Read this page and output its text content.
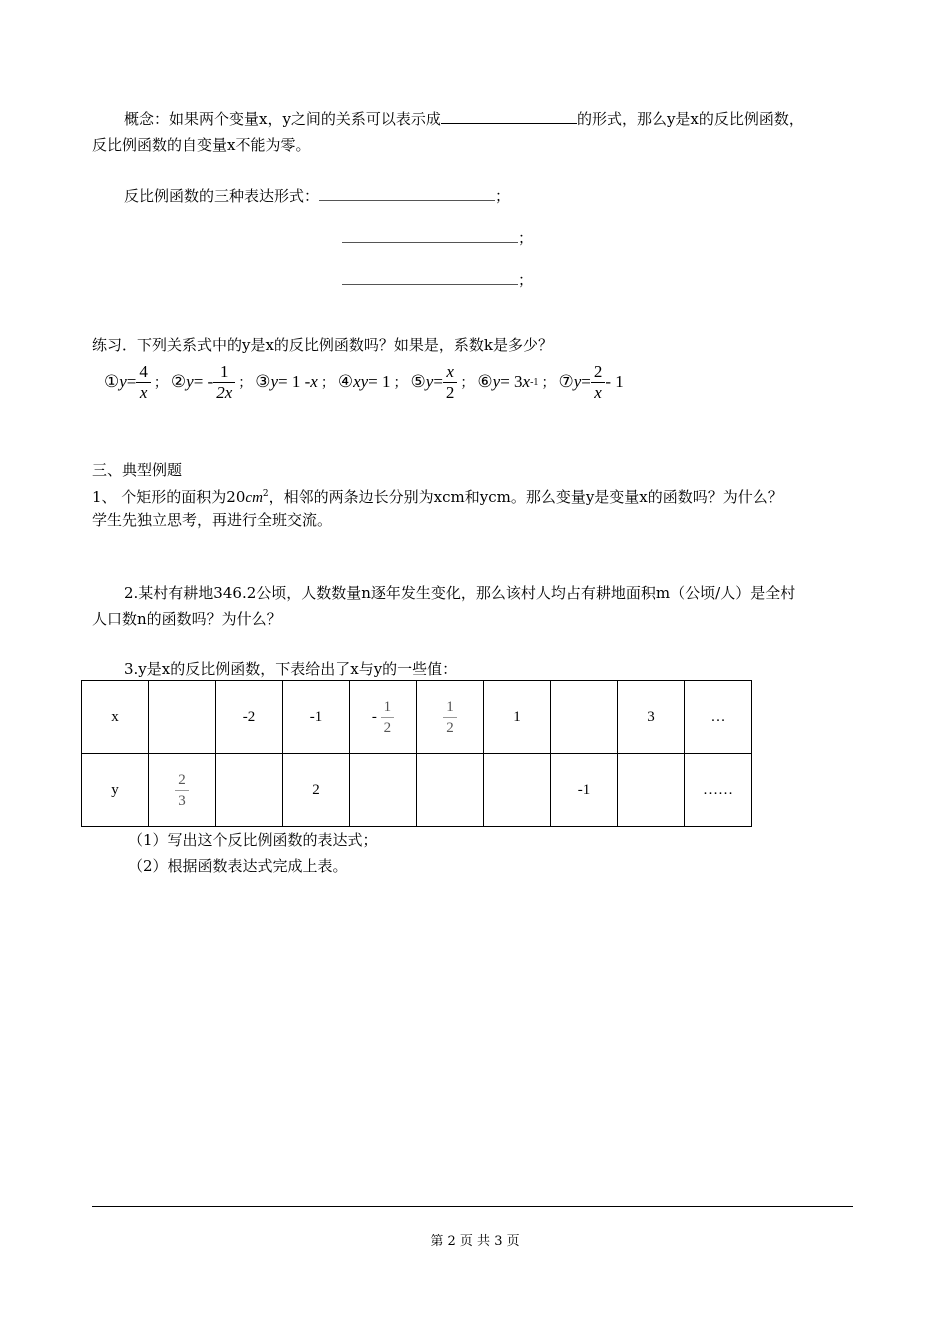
概念：如果两个变量x，y之间的关系可以表示成	的形式，那么y是x的反比例函数，
反比例函数的自变量x不能为零。
反比例函数的三种表达形式：	；
；
；
练习．下列关系式中的y是x的反比例函数吗？如果是，系数k是多少？
① $y = \frac{4}{x}$ ； ② y = - $\frac{1}{2x}$ ； ③ y = 1 - x ； ④ xy = 1 ； ⑤ $y = \frac{x}{2}$ ； ⑥ y = 3 x -1 ； ⑦ $y = \frac{2}{x} - 1$
三、典型例题
1、 个矩形的面积为$20cm^2$，相邻的两条边长分别为xcm和ycm。那么变量y是变量x的函数吗？为什么？
学生先独立思考，再进行全班交流。
2.某村有耕地346.2公顷，人数数量n逐年发生变化，那么该村人均占有耕地面积m（公顷/人）是全村
人口数n的函数吗？为什么？
3.y是x的反比例函数，下表给出了x与y的一些值：
x		-2	-1	- $\frac{1}{2}$	$\frac{1}{2}$	1		3	…
y	$\frac{2}{3}$		2				-1		……
（1）写出这个反比例函数的表达式；
（2）根据函数表达式完成上表。
第 2 页 共 3 页
